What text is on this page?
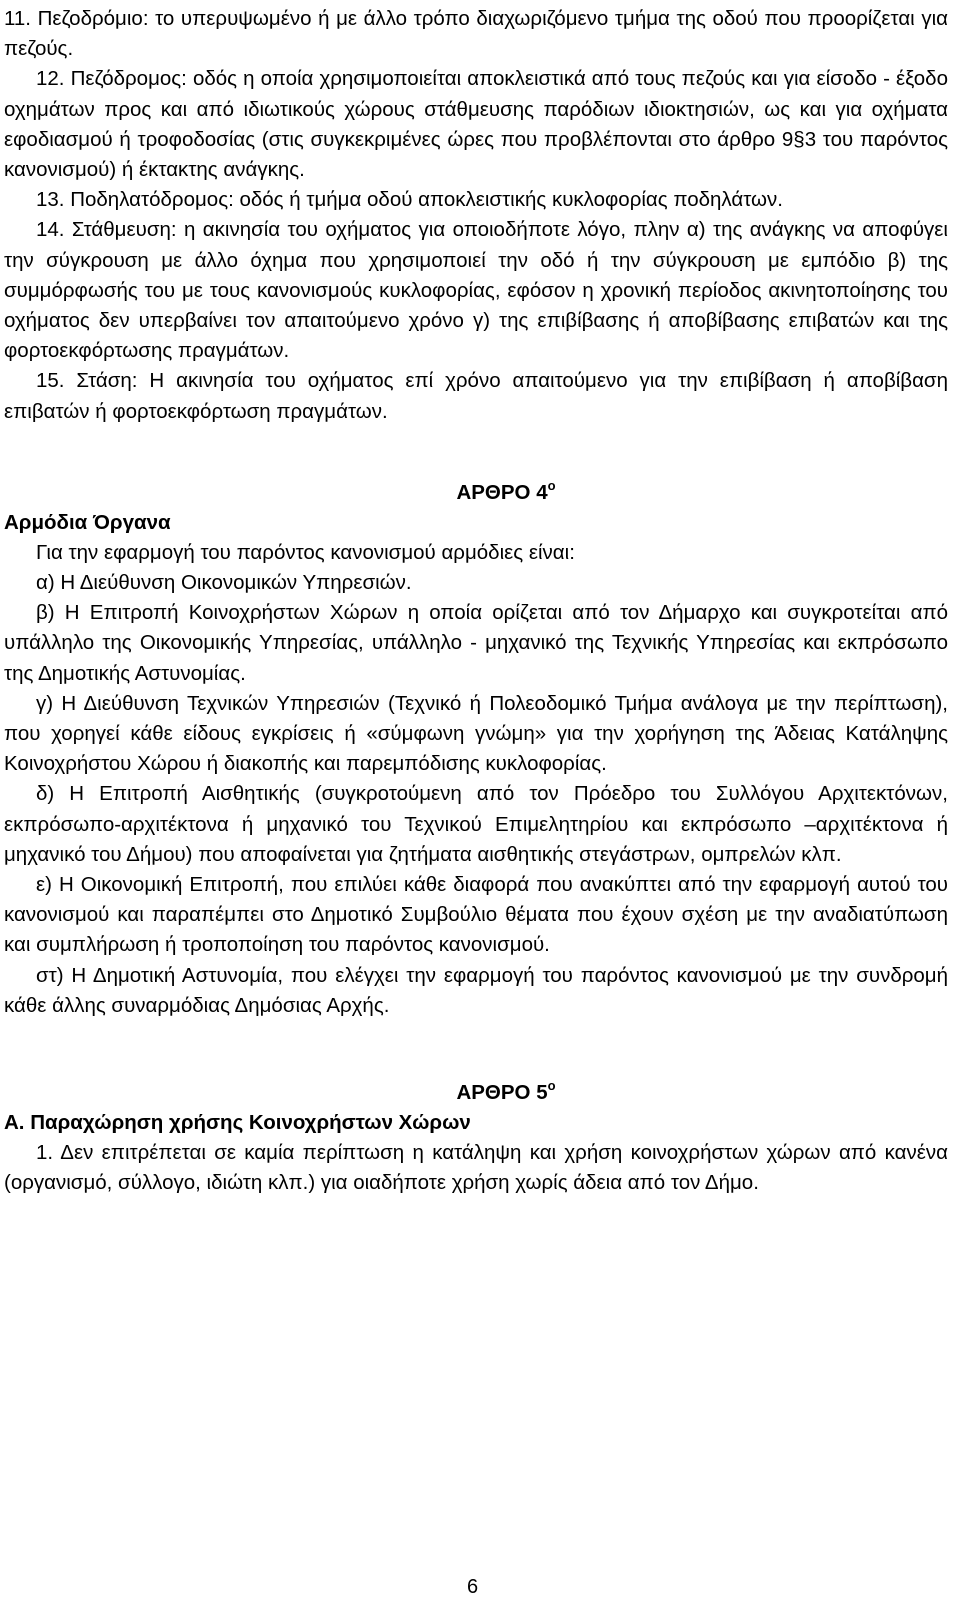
11. Πεζοδρόμιο: το υπερυψωμένο ή με άλλο τρόπο διαχωριζόμενο τμήμα της οδού που προορίζεται για πεζούς.

12. Πεζόδρομος: οδός η οποία χρησιμοποιείται αποκλειστικά από τους πεζούς και για είσοδο - έξοδο οχημάτων προς και από ιδιωτικούς χώρους στάθμευσης παρόδιων ιδιοκτησιών, ως και για οχήματα εφοδιασμού ή τροφοδοσίας (στις συγκεκριμένες ώρες που προβλέπονται στο άρθρο 9§3 του παρόντος κανονισμού) ή έκτακτης ανάγκης.

13. Ποδηλατόδρομος: οδός ή τμήμα οδού αποκλειστικής κυκλοφορίας ποδηλάτων.

14. Στάθμευση: η ακινησία του οχήματος για οποιοδήποτε λόγο, πλην α) της ανάγκης να αποφύγει την σύγκρουση με άλλο όχημα που χρησιμοποιεί την οδό ή την σύγκρουση με εμπόδιο β) της συμμόρφωσής του με τους κανονισμούς κυκλοφορίας, εφόσον η χρονική περίοδος ακινητοποίησης του οχήματος δεν υπερβαίνει τον απαιτούμενο χρόνο γ) της επιβίβασης ή αποβίβασης επιβατών και της φορτοεκφόρτωσης πραγμάτων.

15. Στάση: Η ακινησία του οχήματος επί χρόνο απαιτούμενο για την επιβίβαση ή αποβίβαση επιβατών ή φορτοεκφόρτωση πραγμάτων.

ΑΡΘΡΟ $4^o$

Αρμόδια Όργανα

Για την εφαρμογή του παρόντος κανονισμού αρμόδιες είναι:

α) Η Διεύθυνση Οικονομικών Υπηρεσιών.

β) Η Επιτροπή Κοινοχρήστων Χώρων η οποία ορίζεται από τον Δήμαρχο και συγκροτείται από υπάλληλο της Οικονομικής Υπηρεσίας, υπάλληλο - μηχανικό της Τεχνικής Υπηρεσίας και εκπρόσωπο της Δημοτικής Αστυνομίας.

γ) Η Διεύθυνση Τεχνικών Υπηρεσιών (Τεχνικό ή Πολεοδομικό Τμήμα ανάλογα με την περίπτωση), που χορηγεί κάθε είδους εγκρίσεις ή «σύμφωνη γνώμη» για την χορήγηση της Άδειας Κατάληψης Κοινοχρήστου Χώρου ή διακοπής και παρεμπόδισης κυκλοφορίας.

δ) Η Επιτροπή Αισθητικής (συγκροτούμενη από τον Πρόεδρο του Συλλόγου Αρχιτεκτόνων, εκπρόσωπο-αρχιτέκτονα ή μηχανικό του Τεχνικού Επιμελητηρίου και εκπρόσωπο –αρχιτέκτονα ή μηχανικό του Δήμου) που αποφαίνεται για ζητήματα αισθητικής στεγάστρων, ομπρελών κλπ.

ε) Η Οικονομική Επιτροπή, που επιλύει κάθε διαφορά που ανακύπτει από την εφαρμογή αυτού του κανονισμού και παραπέμπει στο Δημοτικό Συμβούλιο θέματα που έχουν σχέση με την αναδιατύπωση και συμπλήρωση ή τροποποίηση του παρόντος κανονισμού.

στ) Η Δημοτική Αστυνομία, που ελέγχει την εφαρμογή του παρόντος κανονισμού με την συνδρομή κάθε άλλης συναρμόδιας Δημόσιας Αρχής.

ΑΡΘΡΟ $5^o$

Α. Παραχώρηση χρήσης Κοινοχρήστων Χώρων

1. Δεν επιτρέπεται σε καμία περίπτωση η κατάληψη και χρήση κοινοχρήστων χώρων από κανένα (οργανισμό, σύλλογο, ιδιώτη κλπ.) για οιαδήποτε χρήση χωρίς άδεια από τον Δήμο.

6
